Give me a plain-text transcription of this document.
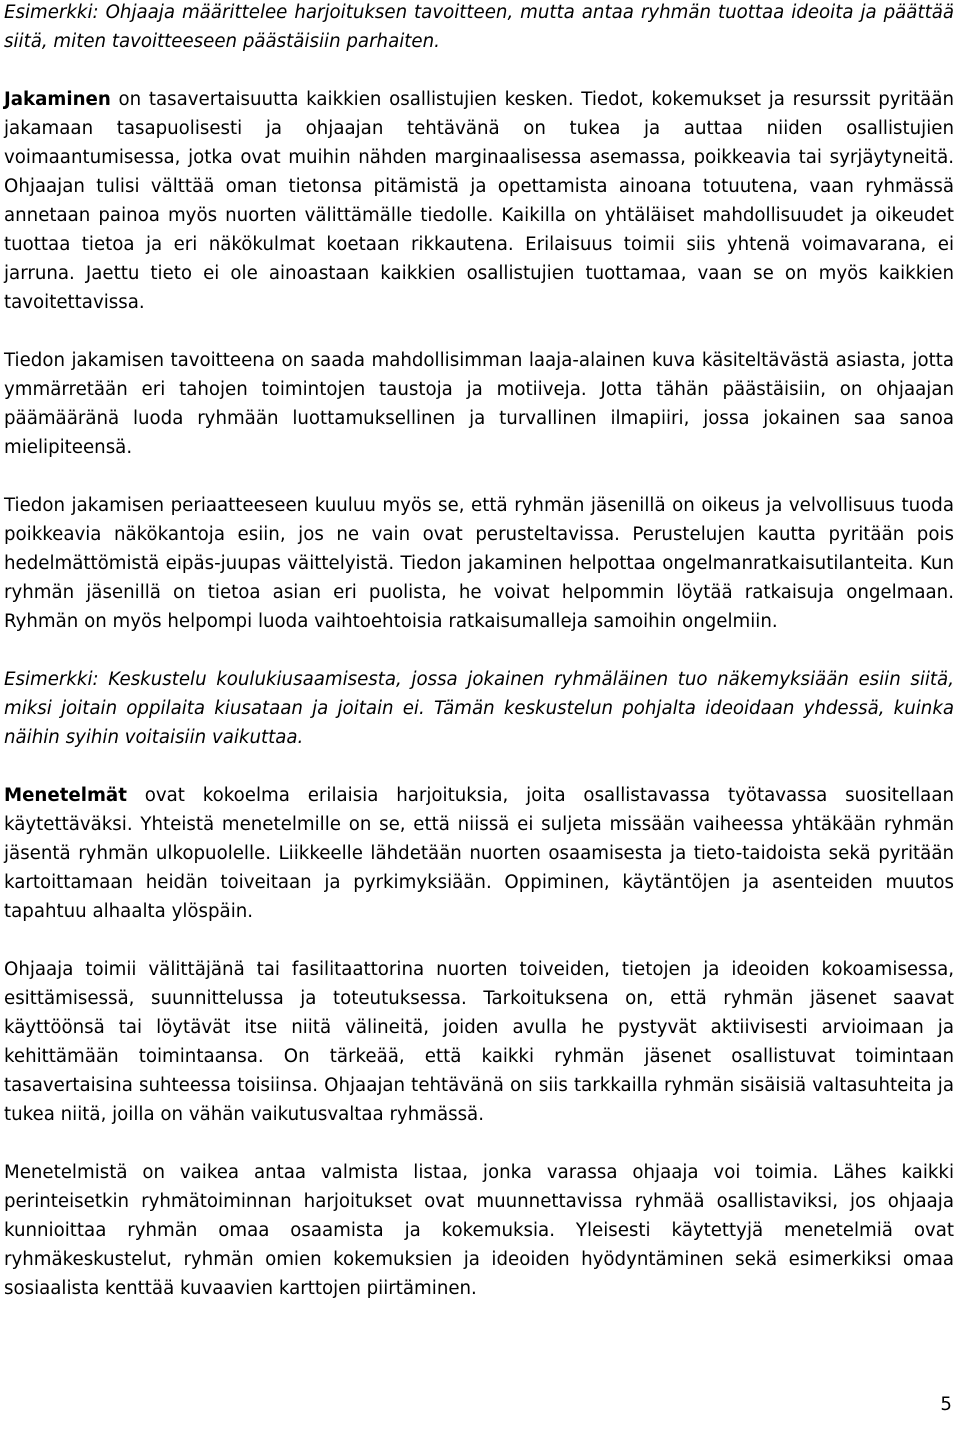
Esimerkki: Ohjaaja määrittelee harjoituksen tavoitteen, mutta antaa ryhmän tuottaa ideoita ja päättää siitä, miten tavoitteeseen päästäisiin parhaiten.

Jakaminen on tasavertaisuutta kaikkien osallistujien kesken. Tiedot, kokemukset ja resurssit pyritään jakamaan tasapuolisesti ja ohjaajan tehtävänä on tukea ja auttaa niiden osallistujien voimaantumisessa, jotka ovat muihin nähden marginaalisessa asemassa, poikkeavia tai syrjäytyneitä. Ohjaajan tulisi välttää oman tietonsa pitämistä ja opettamista ainoana totuutena, vaan ryhmässä annetaan painoa myös nuorten välittämälle tiedolle. Kaikilla on yhtäläiset mahdollisuudet ja oikeudet tuottaa tietoa ja eri näkökulmat koetaan rikkautena. Erilaisuus toimii siis yhtenä voimavarana, ei jarruna. Jaettu tieto ei ole ainoastaan kaikkien osallistujien tuottamaa, vaan se on myös kaikkien tavoitettavissa.

Tiedon jakamisen tavoitteena on saada mahdollisimman laaja-alainen kuva käsiteltävästä asiasta, jotta ymmärretään eri tahojen toimintojen taustoja ja motiiveja. Jotta tähän päästäisiin, on ohjaajan päämääränä luoda ryhmään luottamuksellinen ja turvallinen ilmapiiri, jossa jokainen saa sanoa mielipiteensä.

Tiedon jakamisen periaatteeseen kuuluu myös se, että ryhmän jäsenillä on oikeus ja velvollisuus tuoda poikkeavia näkökantoja esiin, jos ne vain ovat perusteltavissa. Perustelujen kautta pyritään pois hedelmättömistä eipäs-juupas väittelyistä. Tiedon jakaminen helpottaa ongelmanratkaisutilanteita. Kun ryhmän jäsenillä on tietoa asian eri puolista, he voivat helpommin löytää ratkaisuja ongelmaan. Ryhmän on myös helpompi luoda vaihtoehtoisia ratkaisumalleja samoihin ongelmiin.

Esimerkki: Keskustelu koulukiusaamisesta, jossa jokainen ryhmäläinen tuo näkemyksiään esiin siitä, miksi joitain oppilaita kiusataan ja joitain ei. Tämän keskustelun pohjalta ideoidaan yhdessä, kuinka näihin syihin voitaisiin vaikuttaa.

Menetelmät ovat kokoelma erilaisia harjoituksia, joita osallistavassa työtavassa suositellaan käytettäväksi. Yhteistä menetelmille on se, että niissä ei suljeta missään vaiheessa yhtäkään ryhmän jäsentä ryhmän ulkopuolelle. Liikkeelle lähdetään nuorten osaamisesta ja tieto-taidoista sekä pyritään kartoittamaan heidän toiveitaan ja pyrkimyksiään. Oppiminen, käytäntöjen ja asenteiden muutos tapahtuu alhaalta ylöspäin.

Ohjaaja toimii välittäjänä tai fasilitaattorina nuorten toiveiden, tietojen ja ideoiden kokoamisessa, esittämisessä, suunnittelussa ja toteutuksessa. Tarkoituksena on, että ryhmän jäsenet saavat käyttöönsä tai löytävät itse niitä välineitä, joiden avulla he pystyvät aktiivisesti arvioimaan ja kehittämään toimintaansa. On tärkeää, että kaikki ryhmän jäsenet osallistuvat toimintaan tasavertaisina suhteessa toisiinsa. Ohjaajan tehtävänä on siis tarkkailla ryhmän sisäisiä valtasuhteita ja tukea niitä, joilla on vähän vaikutusvaltaa ryhmässä.

Menetelmistä on vaikea antaa valmista listaa, jonka varassa ohjaaja voi toimia. Lähes kaikki perinteisetkin ryhmätoiminnan harjoitukset ovat muunnettavissa ryhmää osallistaviksi, jos ohjaaja kunnioittaa ryhmän omaa osaamista ja kokemuksia. Yleisesti käytettyjä menetelmiä ovat ryhmäkeskustelut, ryhmän omien kokemuksien ja ideoiden hyödyntäminen sekä esimerkiksi omaa sosiaalista kenttää kuvaavien karttojen piirtäminen.

5
